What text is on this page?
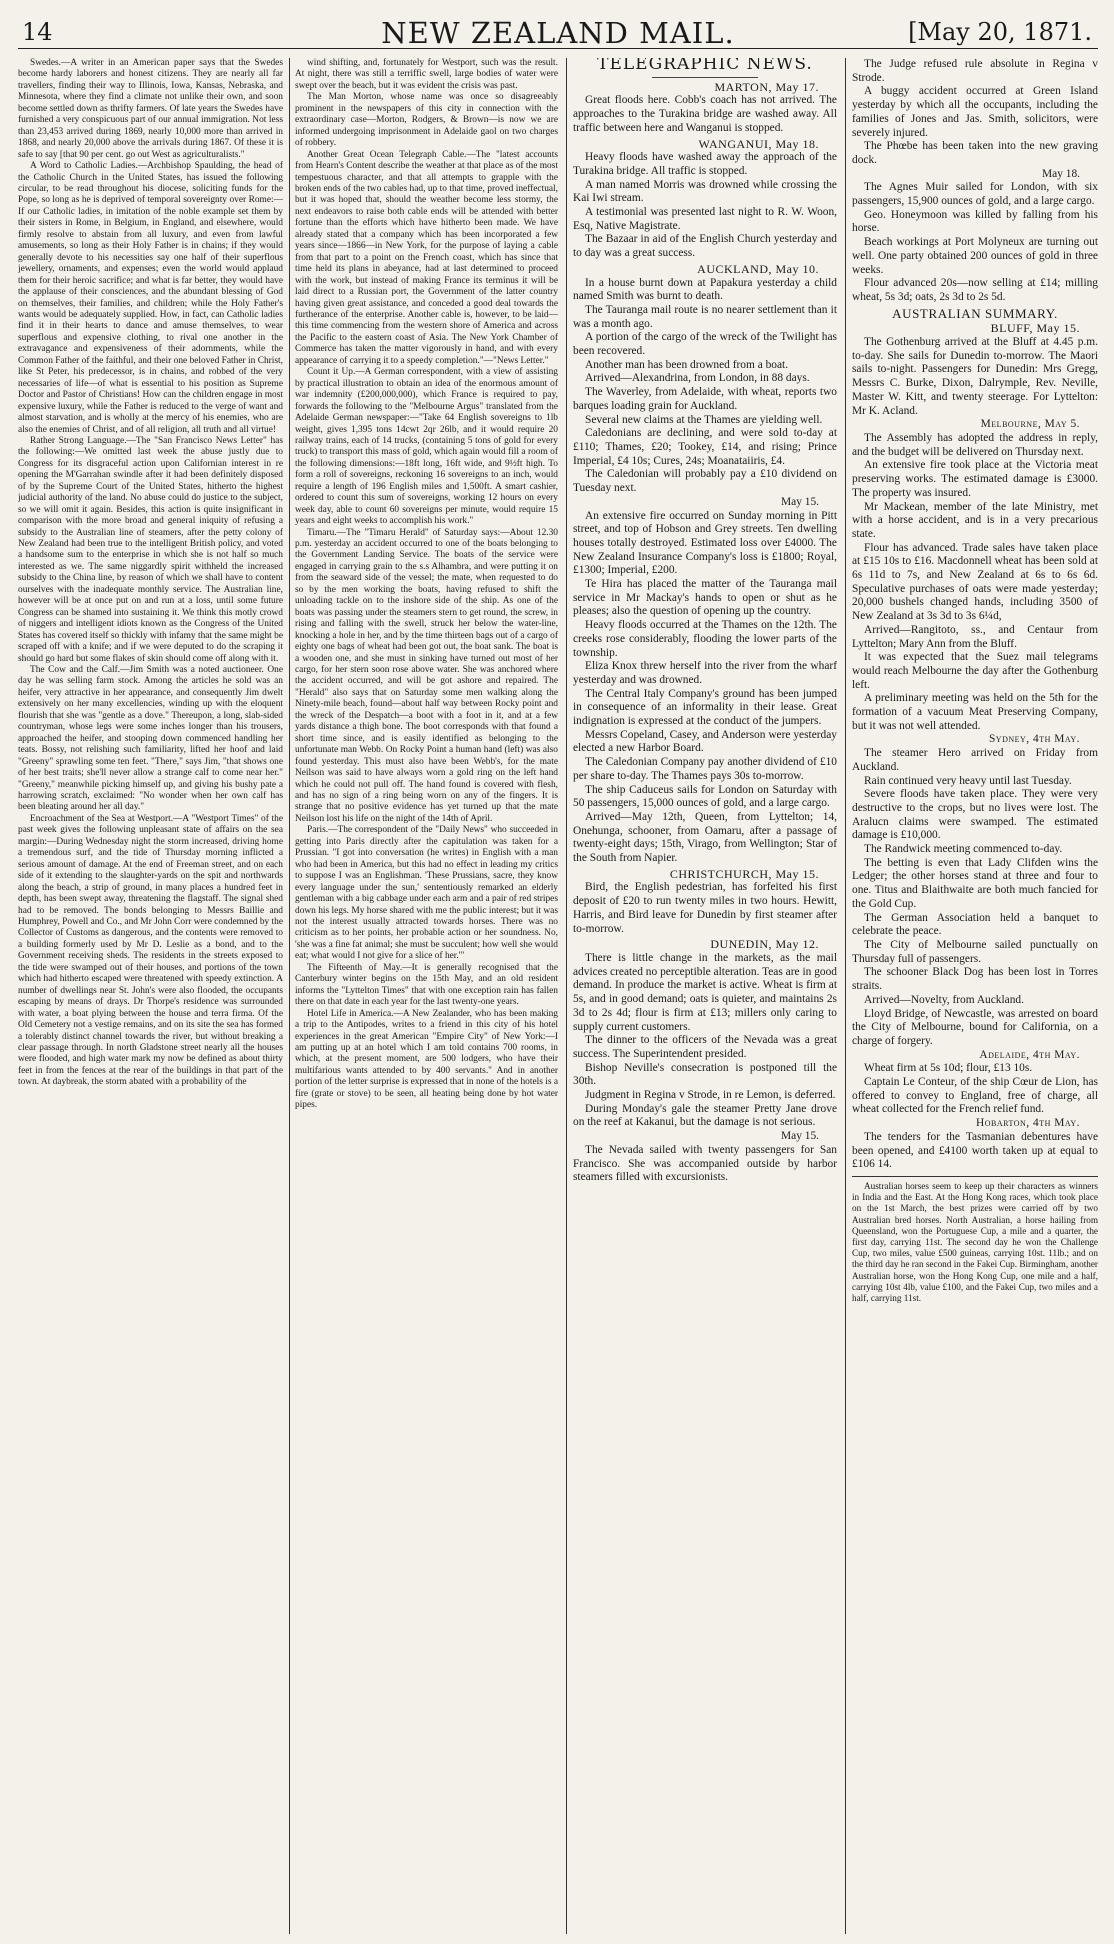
14	NEW ZEALAND MAIL.	[May 20, 1871.

Swedes.—A writer in an American paper says that the Swedes become hardy laborers and honest citizens. They are nearly all far travellers, finding their way to Illinois, Iowa, Kansas, Nebraska, and Minnesota, where they find a climate not unlike their own, and soon become settled down as thrifty farmers. Of late years the Swedes have furnished a very conspicuous part of our annual immigration. Not less than 23,453 arrived during 1869, nearly 10,000 more than arrived in 1868, and nearly 20,000 above the arrivals during 1867. Of these it is safe to say [that 90 per cent. go out West as agriculturalists."

A Word to Catholic Ladies.—Archbishop Spaulding, the head of the Catholic Church in the United States, has issued the following circular, to be read throughout his diocese, soliciting funds for the Pope, so long as he is deprived of temporal sovereignty over Rome:—If our Catholic ladies, in imitation of the noble example set them by their sisters in Rome, in Belgium, in England, and elsewhere, would firmly resolve to abstain from all luxury, and even from lawful amusements, so long as their Holy Father is in chains; if they would generally devote to his necessities say one half of their superflous jewellery, ornaments, and expenses; even the world would applaud them for their heroic sacrifice; and what is far better, they would have the applause of their consciences, and the abundant blessing of God on themselves, their families, and children; while the Holy Father's wants would be adequately supplied. How, in fact, can Catholic ladies find it in their hearts to dance and amuse themselves, to wear superflous and expensive clothing, to rival one another in the extravagance and expensiveness of their adornments, while the Common Father of the faithful, and their one beloved Father in Christ, like St Peter, his predecessor, is in chains, and robbed of the very necessaries of life—of what is essential to his position as Supreme Doctor and Pastor of Christians! How can the children engage in most expensive luxury, while the Father is reduced to the verge of want and almost starvation, and is wholly at the mercy of his enemies, who are also the enemies of Christ, and of all religion, all truth and all virtue!

Rather Strong Language.—The "San Francisco News Letter" has the following:—We omitted last week the abuse justly due to Congress for its disgraceful action upon Californian interest in re opening the M'Garrahan swindle after it had been definitely disposed of by the Supreme Court of the United States, hitherto the highest judicial authority of the land. No abuse could do justice to the subject, so we will omit it again. Besides, this action is quite insignificant in comparison with the more broad and general iniquity of refusing a subsidy to the Australian line of steamers, after the petty colony of New Zealand had been true to the intelligent British policy, and voted a handsome sum to the enterprise in which she is not half so much interested as we. The same niggardly spirit withheld the increased subsidy to the China line, by reason of which we shall have to content ourselves with the inadequate monthly service. The Australian line, however will be at once put on and run at a loss, until some future Congress can be shamed into sustaining it. We think this motly crowd of niggers and intelligent idiots known as the Congress of the United States has covered itself so thickly with infamy that the same might be scraped off with a knife; and if we were deputed to do the scraping it should go hard but some flakes of skin should come off along with it.

The Cow and the Calf.—Jim Smith was a noted auctioneer. One day he was selling farm stock. Among the articles he sold was an heifer, very attractive in her appearance, and consequently Jim dwelt extensively on her many excellencies, winding up with the eloquent flourish that she was "gentle as a dove." Thereupon, a long, slab-sided countryman, whose legs were some inches longer than his trousers, approached the heifer, and stooping down commenced handling her teats. Bossy, not relishing such familiarity, lifted her hoof and laid "Greeny" sprawling some ten feet. "There," says Jim, "that shows one of her best traits; she'll never allow a strange calf to come near her." "Greeny," meanwhile picking himself up, and giving his bushy pate a harrowing scratch, exclaimed: "No wonder when her own calf has been bleating around her all day."

Encroachment of the Sea at Westport.—A "Westport Times" of the past week gives the following unpleasant state of affairs on the sea margin:—During Wednesday night the storm increased, driving home a tremendous surf, and the tide of Thursday morning inflicted a serious amount of damage. At the end of Freeman street, and on each side of it extending to the slaughter-yards on the spit and northwards along the beach, a strip of ground, in many places a hundred feet in depth, has been swept away, threatening the flagstaff. The signal shed had to be removed. The bonds belonging to Messrs Baillie and Humphrey, Powell and Co., and Mr John Corr were condemned by the Collector of Customs as dangerous, and the contents were removed to a building formerly used by Mr D. Leslie as a bond, and to the Government receiving sheds. The residents in the streets exposed to the tide were swamped out of their houses, and portions of the town which had hitherto escaped were threatened with speedy extinction. A number of dwellings near St. John's were also flooded, the occupants escaping by means of drays. Dr Thorpe's residence was surrounded with water, a boat plying between the house and terra firma. Of the Old Cemetery not a vestige remains, and on its site the sea has formed a tolerably distinct channel towards the river, but without breaking a clear passage through. In north Gladstone street nearly all the houses were flooded, and high water mark my now be defined as about thirty feet in from the fences at the rear of the buildings in that part of the town. At daybreak, the storm abated with a probability of the

wind shifting, and, fortunately for Westport, such was the result. At night, there was still a terriffic swell, large bodies of water were swept over the beach, but it was evident the crisis was past.

The Man Morton, whose name was once so disagreeably prominent in the newspapers of this city in connection with the extraordinary case—Morton, Rodgers, & Brown—is now we are informed undergoing imprisonment in Adelaide gaol on two charges of robbery.

Another Great Ocean Telegraph Cable.—The "latest accounts from Hearn's Content describe the weather at that place as of the most tempestuous character, and that all attempts to grapple with the broken ends of the two cables had, up to that time, proved ineffectual, but it was hoped that, should the weather become less stormy, the next endeavors to raise both cable ends will be attended with better fortune than the efforts which have hitherto been made. We have already stated that a company which has been incorporated a few years since—1866—in New York, for the purpose of laying a cable from that part to a point on the French coast, which has since that time held its plans in abeyance, had at last determined to proceed with the work, but instead of making France its terminus it will be laid direct to a Russian port, the Government of the latter country having given great assistance, and conceded a good deal towards the furtherance of the enterprise. Another cable is, however, to be laid—this time commencing from the western shore of America and across the Pacific to the eastern coast of Asia. The New York Chamber of Commerce has taken the matter vigorously in hand, and with every appearance of carrying it to a speedy completion."—"News Letter."

Count it Up.—A German correspondent, with a view of assisting by practical illustration to obtain an idea of the enormous amount of war indemnity (£200,000,000), which France is required to pay, forwards the following to the "Melbourne Argus" translated from the Adelaide German newspaper:—"Take 64 English sovereigns to 1lb weight, gives 1,395 tons 14cwt 2qr 26lb, and it would require 20 railway trains, each of 14 trucks, (containing 5 tons of gold for every truck) to transport this mass of gold, which again would fill a room of the following dimensions:—18ft long, 16ft wide, and 9½ft high. To form a roll of sovereigns, reckoning 16 sovereigns to an inch, would require a length of 196 English miles and 1,500ft. A smart cashier, ordered to count this sum of sovereigns, working 12 hours on every week day, able to count 60 sovereigns per minute, would require 15 years and eight weeks to accomplish his work."

Timaru.—The "Timaru Herald" of Saturday says:—About 12.30 p.m. yesterday an accident occurred to one of the boats belonging to the Government Landing Service. The boats of the service were engaged in carrying grain to the s.s Alhambra, and were putting it on from the seaward side of the vessel; the mate, when requested to do so by the men working the boats, having refused to shift the unloading tackle on to the inshore side of the ship. As one of the boats was passing under the steamers stern to get round, the screw, in rising and falling with the swell, struck her below the water-line, knocking a hole in her, and by the time thirteen bags out of a cargo of eighty one bags of wheat had been got out, the boat sank. The boat is a wooden one, and she must in sinking have turned out most of her cargo, for her stern soon rose above water. She was anchored where the accident occurred, and will be got ashore and repaired. The "Herald" also says that on Saturday some men walking along the Ninety-mile beach, found—about half way between Rocky point and the wreck of the Despatch—a boot with a foot in it, and at a few yards distance a thigh bone. The boot corresponds with that found a short time since, and is easily identified as belonging to the unfortunate man Webb. On Rocky Point a human hand (left) was also found yesterday. This must also have been Webb's, for the mate Neilson was said to have always worn a gold ring on the left hand which he could not pull off. The hand found is covered with flesh, and has no sign of a ring being worn on any of the fingers. It is strange that no positive evidence has yet turned up that the mate Neilson lost his life on the night of the 14th of April.

Paris.—The correspondent of the "Daily News" who succeeded in getting into Paris directly after the capitulation was taken for a Prussian. "I got into conversation (he writes) in English with a man who had been in America, but this had no effect in leading my critics to suppose I was an Englishman. 'These Prussians, sacre, they know every language under the sun,' sententiously remarked an elderly gentleman with a big cabbage under each arm and a pair of red stripes down his legs. My horse shared with me the public interest; but it was not the interest usually attracted towards horses. There was no criticism as to her points, her probable action or her soundness. No, 'she was a fine fat animal; she must be succulent; how well she would eat; what would I not give for a slice of her.'"

The Fifteenth of May.—It is generally recognised that the Canterbury winter begins on the 15th May, and an old resident informs the "Lyttelton Times" that with one exception rain has fallen there on that date in each year for the last twenty-one years.

Hotel Life in America.—A New Zealander, who has been making a trip to the Antipodes, writes to a friend in this city of his hotel experiences in the great American "Empire City" of New York:—I am putting up at an hotel which I am told contains 700 rooms, in which, at the present moment, are 500 lodgers, who have their multifarious wants attended to by 400 servants." And in another portion of the letter surprise is expressed that in none of the hotels is a fire (grate or stove) to be seen, all heating being done by hot water pipes.

TELEGRAPHIC NEWS.
MARTON, May 17.

Great floods here. Cobb's coach has not arrived. The approaches to the Turakina bridge are washed away. All traffic between here and Wanganui is stopped.

WANGANUI, May 18.

Heavy floods have washed away the approach of the Turakina bridge. All traffic is stopped.

A man named Morris was drowned while crossing the Kai Iwi stream.

A testimonial was presented last night to R. W. Woon, Esq, Native Magistrate.

The Bazaar in aid of the English Church yesterday and to day was a great success.

AUCKLAND, May 10.

In a house burnt down at Papakura yesterday a child named Smith was burnt to death.

The Tauranga mail route is no nearer settlement than it was a month ago.

A portion of the cargo of the wreck of the Twilight has been recovered.

Another man has been drowned from a boat.

Arrived—Alexandrina, from London, in 88 days.

The Waverley, from Adelaide, with wheat, reports two barques loading grain for Auckland.

Several new claims at the Thames are yielding well.

Caledonians are declining, and were sold to-day at £110; Thames, £20; Tookey, £14, and rising; Prince Imperial, £4 10s; Cures, 24s; Moanataiiris, £4.

The Caledonian will probably pay a £10 dividend on Tuesday next.

May 15.

An extensive fire occurred on Sunday morning in Pitt street, and top of Hobson and Grey streets. Ten dwelling houses totally destroyed. Estimated loss over £4000. The New Zealand Insurance Company's loss is £1800; Royal, £1300; Imperial, £200.

Te Hira has placed the matter of the Tauranga mail service in Mr Mackay's hands to open or shut as he pleases; also the question of opening up the country.

Heavy floods occurred at the Thames on the 12th. The creeks rose considerably, flooding the lower parts of the township.

Eliza Knox threw herself into the river from the wharf yesterday and was drowned.

The Central Italy Company's ground has been jumped in consequence of an informality in their lease. Great indignation is expressed at the conduct of the jumpers.

Messrs Copeland, Casey, and Anderson were yesterday elected a new Harbor Board.

The Caledonian Company pay another dividend of £10 per share to-day. The Thames pays 30s to-morrow.

The ship Caduceus sails for London on Saturday with 50 passengers, 15,000 ounces of gold, and a large cargo.

Arrived—May 12th, Queen, from Lyttelton; 14, Onehunga, schooner, from Oamaru, after a passage of twenty-eight days; 15th, Virago, from Wellington; Star of the South from Napier.

CHRISTCHURCH, May 15.

Bird, the English pedestrian, has forfeited his first deposit of £20 to run twenty miles in two hours. Hewitt, Harris, and Bird leave for Dunedin by first steamer after to-morrow.

DUNEDIN, May 12.

There is little change in the markets, as the mail advices created no perceptible alteration. Teas are in good demand. In produce the market is active. Wheat is firm at 5s, and in good demand; oats is quieter, and maintains 2s 3d to 2s 4d; flour is firm at £13; millers only caring to supply current customers.

The dinner to the officers of the Nevada was a great success. The Superintendent presided.

Bishop Neville's consecration is postponed till the 30th.

Judgment in Regina v Strode, in re Lemon, is deferred.

During Monday's gale the steamer Pretty Jane drove on the reef at Kakanui, but the damage is not serious.

May 15.

The Nevada sailed with twenty passengers for San Francisco. She was accompanied outside by harbor steamers filled with excursionists.

The Judge refused rule absolute in Regina v Strode.

A buggy accident occurred at Green Island yesterday by which all the occupants, including the families of Jones and Jas. Smith, solicitors, were severely injured.

The Phœbe has been taken into the new graving dock.

May 18.

The Agnes Muir sailed for London, with six passengers, 15,900 ounces of gold, and a large cargo.

Geo. Honeymoon was killed by falling from his horse.

Beach workings at Port Molyneux are turning out well. One party obtained 200 ounces of gold in three weeks.

Flour advanced 20s—now selling at £14; milling wheat, 5s 3d; oats, 2s 3d to 2s 5d.

AUSTRALIAN SUMMARY.
BLUFF, May 15.

The Gothenburg arrived at the Bluff at 4.45 p.m. to-day. She sails for Dunedin to-morrow. The Maori sails to-night. Passengers for Dunedin: Mrs Gregg, Messrs C. Burke, Dixon, Dalrymple, Rev. Neville, Master W. Kitt, and twenty steerage. For Lyttelton: Mr K. Acland.

Melbourne, May 5.

The Assembly has adopted the address in reply, and the budget will be delivered on Thursday next.

An extensive fire took place at the Victoria meat preserving works. The estimated damage is £3000. The property was insured.

Mr Mackean, member of the late Ministry, met with a horse accident, and is in a very precarious state.

Flour has advanced. Trade sales have taken place at £15 10s to £16. Macdonnell wheat has been sold at 6s 11d to 7s, and New Zealand at 6s to 6s 6d. Speculative purchases of oats were made yesterday; 20,000 bushels changed hands, including 3500 of New Zealand at 3s 3d to 3s 6¼d,

Arrived—Rangitoto, ss., and Centaur from Lyttelton; Mary Ann from the Bluff.

It was expected that the Suez mail telegrams would reach Melbourne the day after the Gothenburg left.

A preliminary meeting was held on the 5th for the formation of a vacuum Meat Preserving Company, but it was not well attended.

Sydney, 4th May.

The steamer Hero arrived on Friday from Auckland.

Rain continued very heavy until last Tuesday.

Severe floods have taken place. They were very destructive to the crops, but no lives were lost. The Aralucn claims were swamped. The estimated damage is £10,000.

The Randwick meeting commenced to-day.

The betting is even that Lady Clifden wins the Ledger; the other horses stand at three and four to one. Titus and Blaithwaite are both much fancied for the Gold Cup.

The German Association held a banquet to celebrate the peace.

The City of Melbourne sailed punctually on Thursday full of passengers.

The schooner Black Dog has been lost in Torres straits.

Arrived—Novelty, from Auckland.

Lloyd Bridge, of Newcastle, was arrested on board the City of Melbourne, bound for California, on a charge of forgery.

Adelaide, 4th May.

Wheat firm at 5s 10d; flour, £13 10s.

Captain Le Conteur, of the ship Cœur de Lion, has offered to convey to England, free of charge, all wheat collected for the French relief fund.

Hobarton, 4th May.

The tenders for the Tasmanian debentures have been opened, and £4100 worth taken up at equal to £106 14.

Australian horses seem to keep up their characters as winners in India and the East. At the Hong Kong races, which took place on the 1st March, the best prizes were carried off by two Australian bred horses. North Australian, a horse hailing from Queensland, won the Portuguese Cup, a mile and a quarter, the first day, carrying 11st. The second day he won the Challenge Cup, two miles, value £500 guineas, carrying 10st. 11lb.; and on the third day he ran second in the Fakei Cup. Birmingham, another Australian horse, won the Hong Kong Cup, one mile and a half, carrying 10st 4lb, value £100, and the Fakei Cup, two miles and a half, carrying 11st.
